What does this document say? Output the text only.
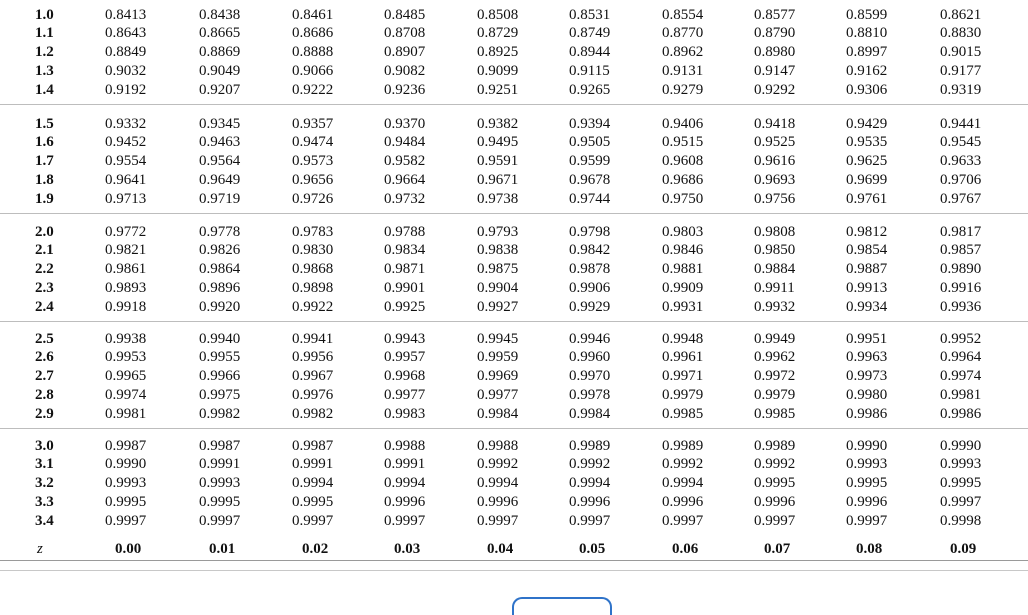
1.0	0.8413	0.8438	0.8461	0.8485	0.8508	0.8531	0.8554	0.8577	0.8599	0.8621
1.1	0.8643	0.8665	0.8686	0.8708	0.8729	0.8749	0.8770	0.8790	0.8810	0.8830
1.2	0.8849	0.8869	0.8888	0.8907	0.8925	0.8944	0.8962	0.8980	0.8997	0.9015
1.3	0.9032	0.9049	0.9066	0.9082	0.9099	0.9115	0.9131	0.9147	0.9162	0.9177
1.4	0.9192	0.9207	0.9222	0.9236	0.9251	0.9265	0.9279	0.9292	0.9306	0.9319
1.5	0.9332	0.9345	0.9357	0.9370	0.9382	0.9394	0.9406	0.9418	0.9429	0.9441
1.6	0.9452	0.9463	0.9474	0.9484	0.9495	0.9505	0.9515	0.9525	0.9535	0.9545
1.7	0.9554	0.9564	0.9573	0.9582	0.9591	0.9599	0.9608	0.9616	0.9625	0.9633
1.8	0.9641	0.9649	0.9656	0.9664	0.9671	0.9678	0.9686	0.9693	0.9699	0.9706
1.9	0.9713	0.9719	0.9726	0.9732	0.9738	0.9744	0.9750	0.9756	0.9761	0.9767
2.0	0.9772	0.9778	0.9783	0.9788	0.9793	0.9798	0.9803	0.9808	0.9812	0.9817
2.1	0.9821	0.9826	0.9830	0.9834	0.9838	0.9842	0.9846	0.9850	0.9854	0.9857
2.2	0.9861	0.9864	0.9868	0.9871	0.9875	0.9878	0.9881	0.9884	0.9887	0.9890
2.3	0.9893	0.9896	0.9898	0.9901	0.9904	0.9906	0.9909	0.9911	0.9913	0.9916
2.4	0.9918	0.9920	0.9922	0.9925	0.9927	0.9929	0.9931	0.9932	0.9934	0.9936
2.5	0.9938	0.9940	0.9941	0.9943	0.9945	0.9946	0.9948	0.9949	0.9951	0.9952
2.6	0.9953	0.9955	0.9956	0.9957	0.9959	0.9960	0.9961	0.9962	0.9963	0.9964
2.7	0.9965	0.9966	0.9967	0.9968	0.9969	0.9970	0.9971	0.9972	0.9973	0.9974
2.8	0.9974	0.9975	0.9976	0.9977	0.9977	0.9978	0.9979	0.9979	0.9980	0.9981
2.9	0.9981	0.9982	0.9982	0.9983	0.9984	0.9984	0.9985	0.9985	0.9986	0.9986
3.0	0.9987	0.9987	0.9987	0.9988	0.9988	0.9989	0.9989	0.9989	0.9990	0.9990
3.1	0.9990	0.9991	0.9991	0.9991	0.9992	0.9992	0.9992	0.9992	0.9993	0.9993
3.2	0.9993	0.9993	0.9994	0.9994	0.9994	0.9994	0.9994	0.9995	0.9995	0.9995
3.3	0.9995	0.9995	0.9995	0.9996	0.9996	0.9996	0.9996	0.9996	0.9996	0.9997
3.4	0.9997	0.9997	0.9997	0.9997	0.9997	0.9997	0.9997	0.9997	0.9997	0.9998
z	0.00	0.01	0.02	0.03	0.04	0.05	0.06	0.07	0.08	0.09
